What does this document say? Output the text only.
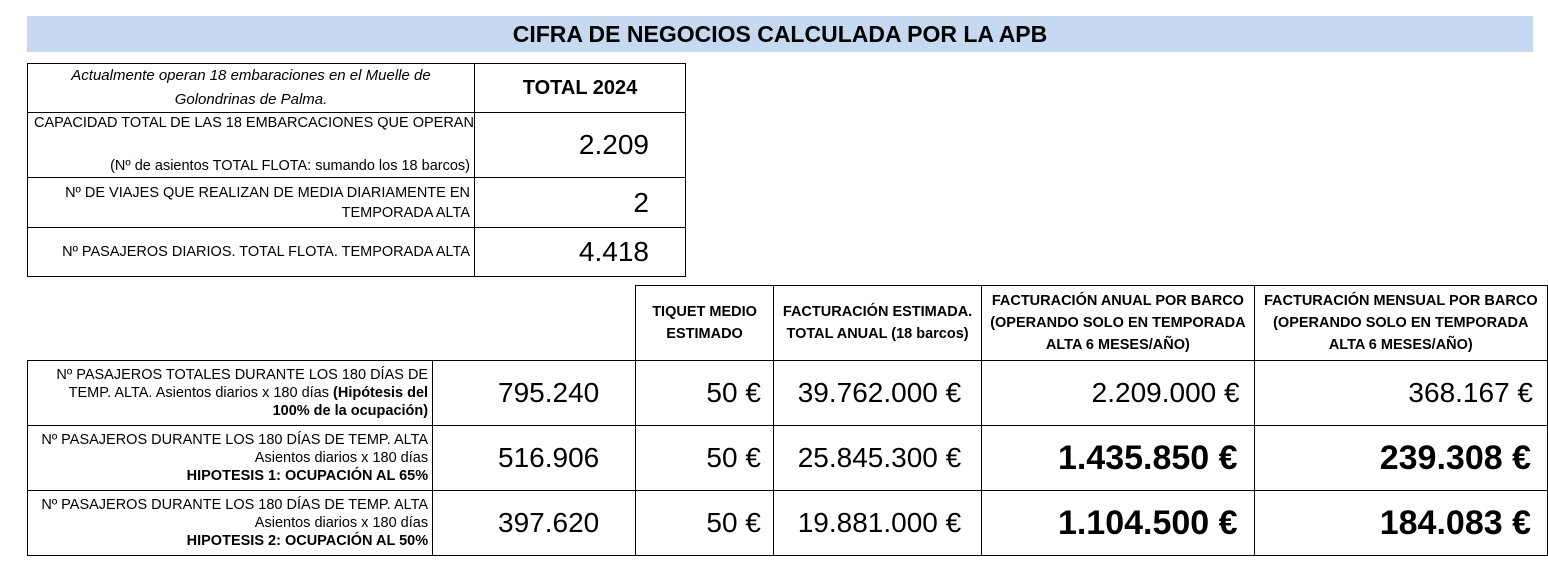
CIFRA DE NEGOCIOS CALCULADA POR LA APB
Actualmente operan 18 embaraciones en el Muelle de Golondrinas de Palma.	TOTAL 2024

CAPACIDAD TOTAL DE LAS 18 EMBARCACIONES QUE OPERAN
(Nº de asientos TOTAL FLOTA: sumando los 18 barcos)	2.209
Nº DE VIAJES QUE REALIZAN DE MEDIA DIARIAMENTE EN TEMPORADA ALTA	2
Nº PASAJEROS DIARIOS. TOTAL FLOTA. TEMPORADA ALTA	4.418
		TIQUET MEDIO ESTIMADO	FACTURACIÓN ESTIMADA. TOTAL ANUAL (18 barcos)	FACTURACIÓN ANUAL POR BARCO (OPERANDO SOLO EN TEMPORADA ALTA 6 MESES/AÑO)	FACTURACIÓN MENSUAL POR BARCO (OPERANDO SOLO EN TEMPORADA ALTA 6 MESES/AÑO)
Nº PASAJEROS TOTALES DURANTE LOS 180 DÍAS DE TEMP. ALTA. Asientos diarios x 180 días (Hipótesis del 100% de la ocupación)	795.240	50 €	39.762.000 €	2.209.000 €	368.167 €

Nº PASAJEROS DURANTE LOS 180 DÍAS DE TEMP. ALTA
Asientos diarios x 180 días
HIPOTESIS 1: OCUPACIÓN AL 65%	516.906	50 €	25.845.300 €	1.435.850 €	239.308 €

Nº PASAJEROS DURANTE LOS 180 DÍAS DE TEMP. ALTA
Asientos diarios x 180 días
HIPOTESIS 2: OCUPACIÓN AL 50%	397.620	50 €	19.881.000 €	1.104.500 €	184.083 €
